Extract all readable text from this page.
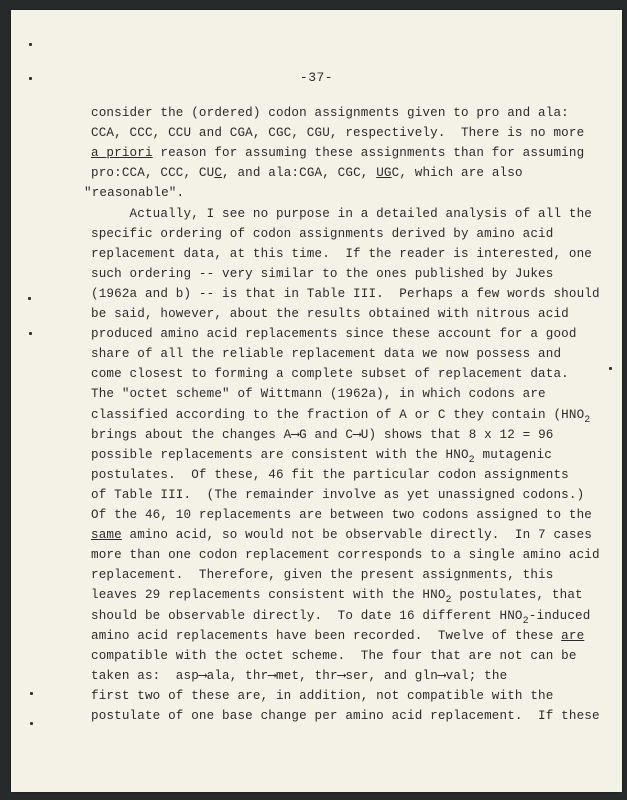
-37-
consider the (ordered) codon assignments given to pro and ala:
CCA, CCC, CCU and CGA, CGC, CGU, respectively.  There is no more
a priori reason for assuming these assignments than for assuming
pro:CCA, CCC, CUC, and ala:CGA, CGC, UGC, which are also
"reasonable".
Actually, I see no purpose in a detailed analysis of all the
specific ordering of codon assignments derived by amino acid
replacement data, at this time.  If the reader is interested, one
such ordering -- very similar to the ones published by Jukes
(1962a and b) -- is that in Table III.  Perhaps a few words should
be said, however, about the results obtained with nitrous acid
produced amino acid replacements since these account for a good
share of all the reliable replacement data we now possess and
come closest to forming a complete subset of replacement data.
The "octet scheme" of Wittmann (1962a), in which codons are
classified according to the fraction of A or C they contain ($HNO_2$
brings about the changes A⟶G and C⟶U) shows that 8 x 12 = 96
possible replacements are consistent with the $HNO_2$ mutagenic
postulates.  Of these, 46 fit the particular codon assignments
of Table III.  (The remainder involve as yet unassigned codons.)
Of the 46, 10 replacements are between two codons assigned to the
same amino acid, so would not be observable directly.  In 7 cases
more than one codon replacement corresponds to a single amino acid
replacement.  Therefore, given the present assignments, this
leaves 29 replacements consistent with the $HNO_2$ postulates, that
should be observable directly.  To date 16 different $HNO_2$-induced
amino acid replacements have been recorded.  Twelve of these are
compatible with the octet scheme.  The four that are not can be
taken as:  asp⟶ala, thr⟶met, thr⟶ser, and gln⟶val; the
first two of these are, in addition, not compatible with the
postulate of one base change per amino acid replacement.  If these
